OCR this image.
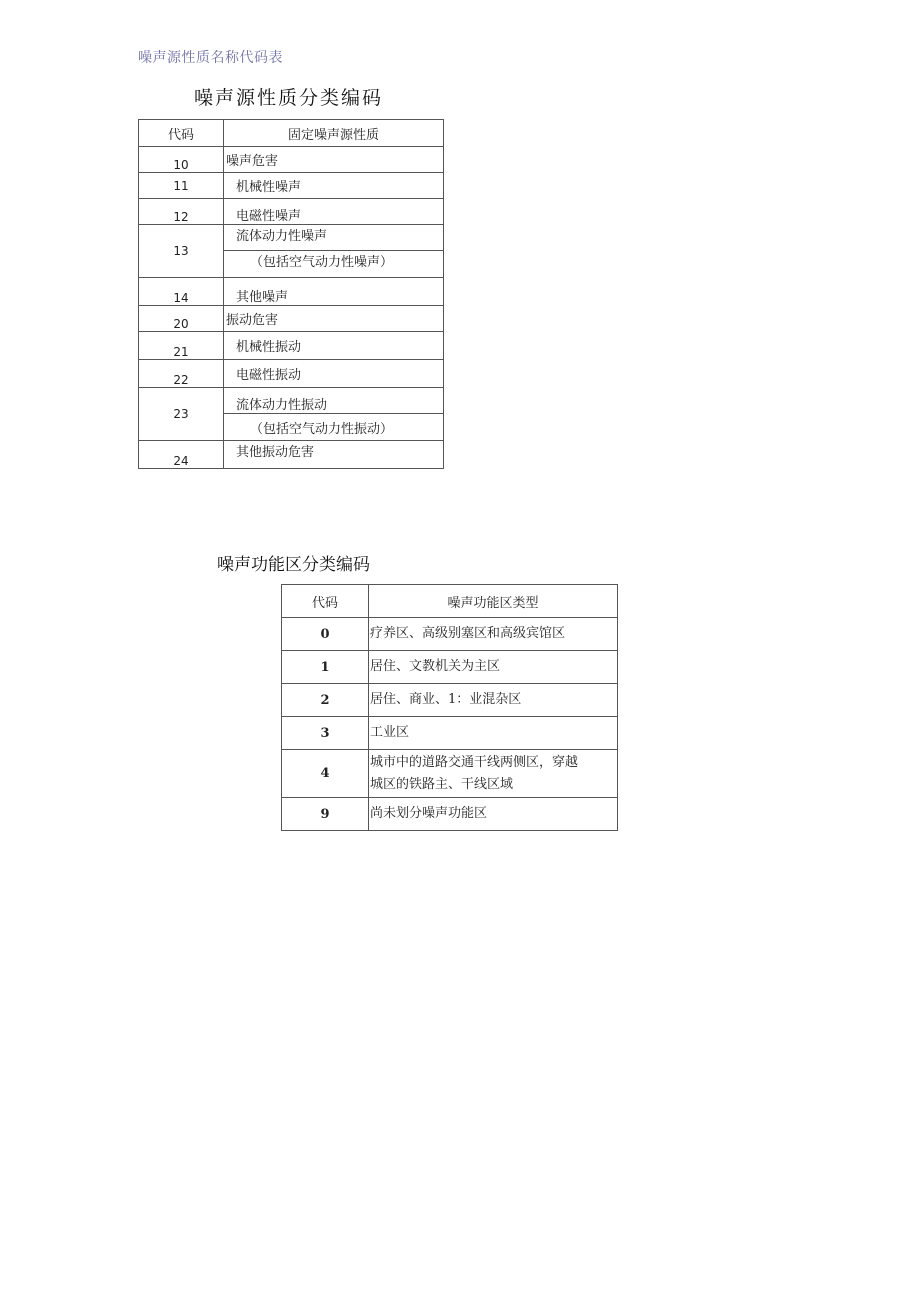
噪声源性质名称代码表
噪声源性质分类编码
代码	固定噪声源性质
10	噪声危害
11	机械性噪声
12	电磁性噪声
13	流体动力性噪声
	（包括空气动力性噪声）
14	其他噪声
20	振动危害
21	机械性振动
22	电磁性振动
23	流体动力性振动
	（包括空气动力性振动）
24	其他振动危害
噪声功能区分类编码
代码	噪声功能区类型
0	疗养区、高级别塞区和高级宾馆区
1	居住、文教机关为主区
2	居住、商业、1：业混杂区
3	工业区
4	城市中的道路交通干线两侧区，穿越
城区的铁路主、干线区域

9	尚未划分噪声功能区
